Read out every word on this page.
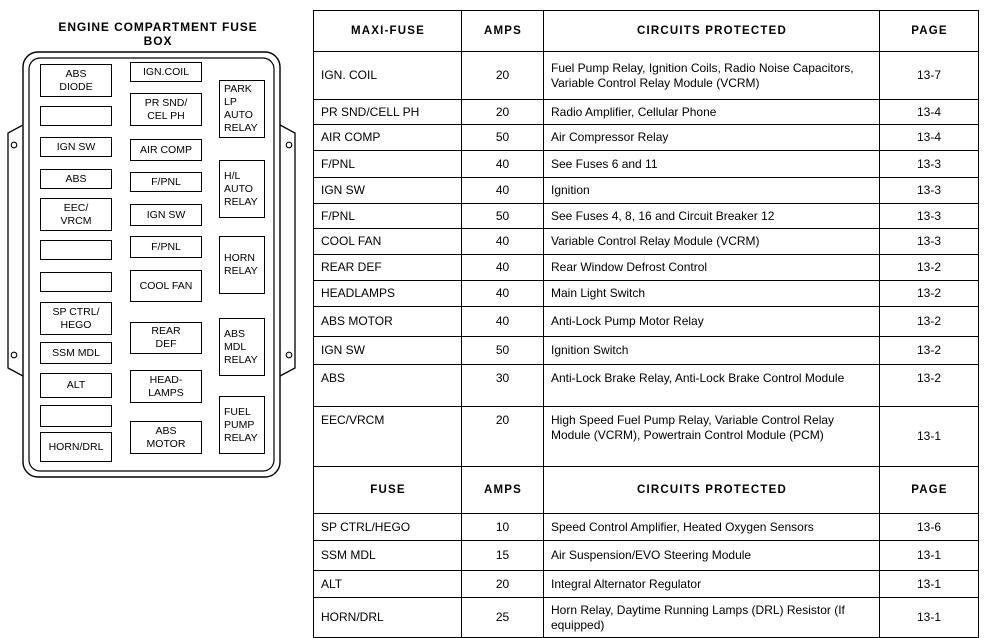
ENGINE COMPARTMENT FUSE BOX
ABS
DIODE
IGN SW
ABS
EEC/
VRCM
SP CTRL/
HEGO
SSM MDL
ALT
HORN/DRL
IGN.COIL
PR SND/
CEL PH
AIR COMP
F/PNL
IGN SW
F/PNL
COOL FAN
REAR
DEF
HEAD-
LAMPS
ABS
MOTOR
PARK
LP
AUTO
RELAY
H/L
AUTO
RELAY
HORN
RELAY
ABS
MDL
RELAY
FUEL
PUMP
RELAY
MAXI-FUSE	AMPS	CIRCUITS PROTECTED	PAGE
IGN. COIL	20	Fuel Pump Relay, Ignition Coils, Radio Noise Capacitors, Variable Control Relay Module (VCRM)	13-7
PR SND/CELL PH	20	Radio Amplifier, Cellular Phone	13-4
AIR COMP	50	Air Compressor Relay	13-4
F/PNL	40	See Fuses 6 and 11	13-3
IGN SW	40	Ignition	13-3
F/PNL	50	See Fuses 4, 8, 16 and Circuit Breaker 12	13-3
COOL FAN	40	Variable Control Relay Module (VCRM)	13-3
REAR DEF	40	Rear Window Defrost Control	13-2
HEADLAMPS	40	Main Light Switch	13-2
ABS MOTOR	40	Anti-Lock Pump Motor Relay	13-2
IGN SW	50	Ignition Switch	13-2
ABS	30	Anti-Lock Brake Relay, Anti-Lock Brake Control Module	13-2
EEC/VRCM	20	High Speed Fuel Pump Relay, Variable Control Relay Module (VCRM), Powertrain Control Module (PCM)	13-1
FUSE	AMPS	CIRCUITS PROTECTED	PAGE
SP CTRL/HEGO	10	Speed Control Amplifier, Heated Oxygen Sensors	13-6
SSM MDL	15	Air Suspension/EVO Steering Module	13-1
ALT	20	Integral Alternator Regulator	13-1
HORN/DRL	25	Horn Relay, Daytime Running Lamps (DRL) Resistor (If equipped)	13-1
